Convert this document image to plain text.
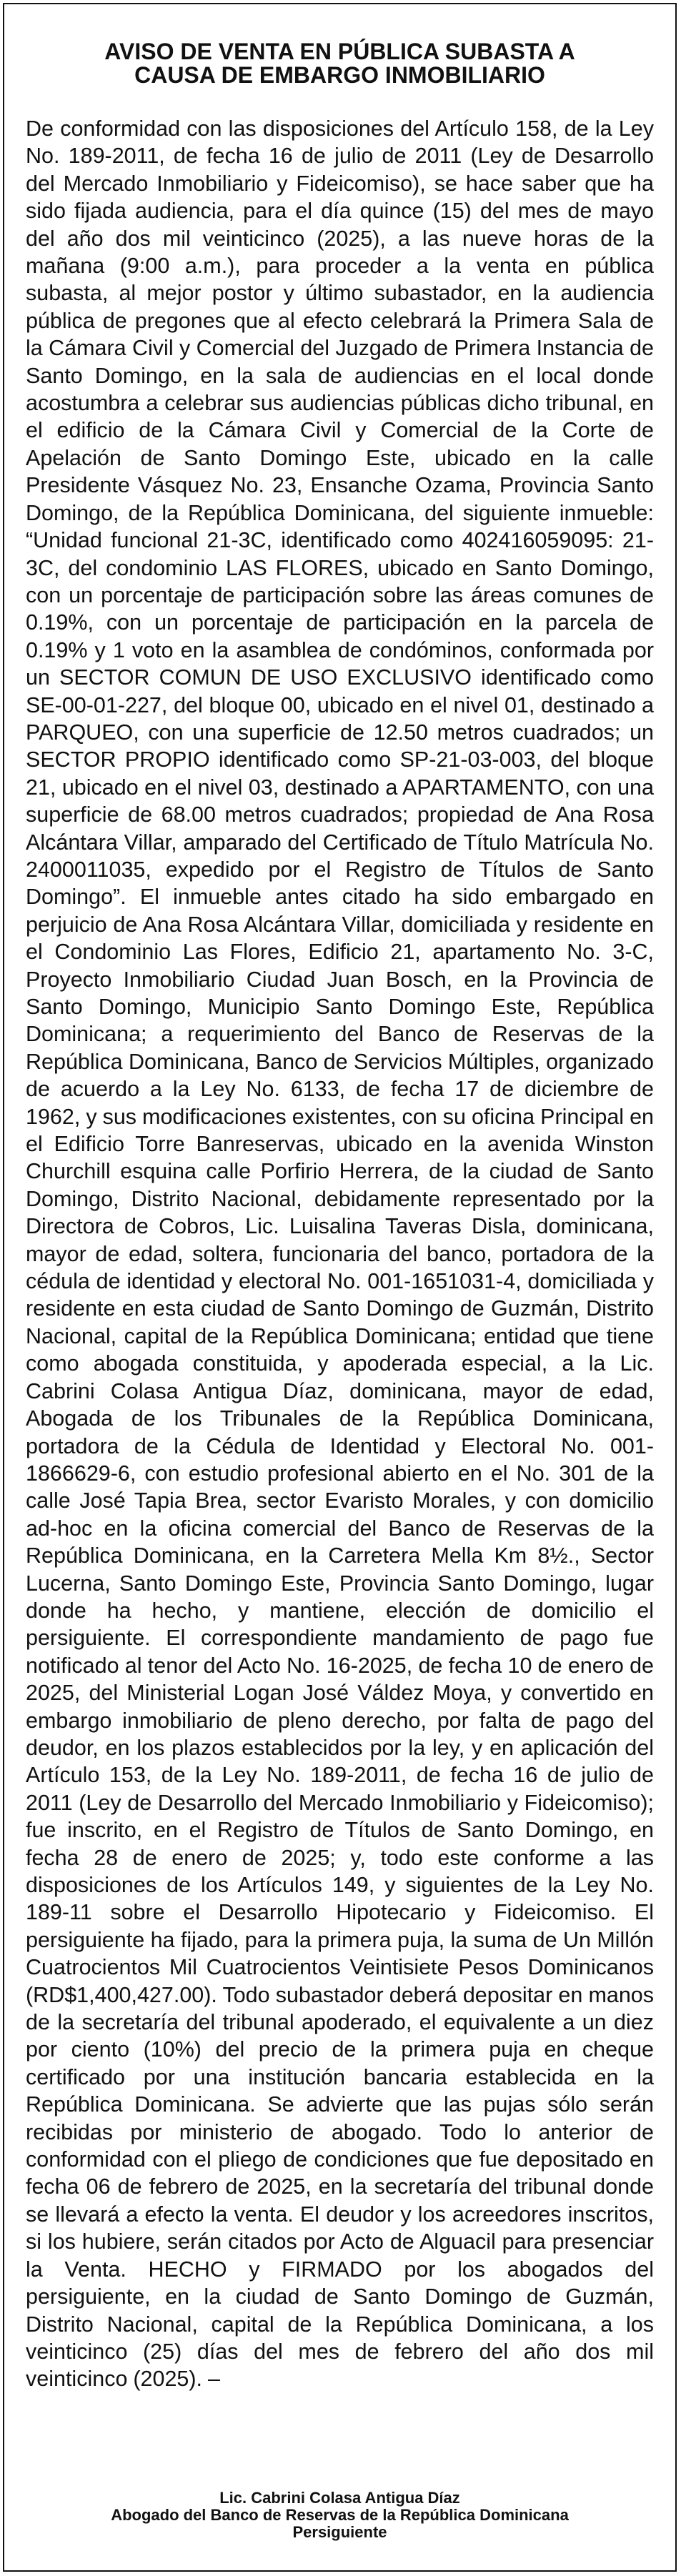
AVISO DE VENTA EN PÚBLICA SUBASTA A
CAUSA DE EMBARGO INMOBILIARIO
De conformidad con las disposiciones del Artículo 158, de la Ley No. 189-2011, de fecha 16 de julio de 2011 (Ley de Desarrollo del Mercado Inmobiliario y Fideicomiso), se hace saber que ha sido fijada audiencia, para el día quince (15) del mes de mayo del año dos mil veinticinco (2025), a las nueve horas de la mañana (9:00 a.m.), para proceder a la venta en pública subasta, al mejor postor y último subastador, en la audiencia pública de pregones que al efecto celebrará la Primera Sala de la Cámara Civil y Comercial del Juzgado de Primera Instancia de Santo Domingo, en la sala de audiencias en el local donde acostumbra a celebrar sus audiencias públicas dicho tribunal, en el edificio de la Cámara Civil y Comercial de la Corte de Apelación de Santo Domingo Este, ubicado en la calle Presidente Vásquez No. 23, Ensanche Ozama, Provincia Santo Domingo, de la República Dominicana, del siguiente inmueble: “Unidad funcional 21-3C, identificado como 402416059095: 21-3C, del condominio LAS FLORES, ubicado en Santo Domingo, con un porcentaje de participación sobre las áreas comunes de 0.19%, con un porcentaje de participación en la parcela de 0.19% y 1 voto en la asamblea de condóminos, conformada por un SECTOR COMUN DE USO EXCLUSIVO identificado como SE-00-01-227, del bloque 00, ubicado en el nivel 01, destinado a PARQUEO, con una superficie de 12.50 metros cuadrados; un SECTOR PROPIO identificado como SP-21-03-003, del bloque 21, ubicado en el nivel 03, destinado a APARTAMENTO, con una superficie de 68.00 metros cuadrados; propiedad de Ana Rosa Alcántara Villar, amparado del Certificado de Título Matrícula No. 2400011035, expedido por el Registro de Títulos de Santo Domingo”. El inmueble antes citado ha sido embargado en perjuicio de Ana Rosa Alcántara Villar, domiciliada y residente en el Condominio Las Flores, Edificio 21, apartamento No. 3-C, Proyecto Inmobiliario Ciudad Juan Bosch, en la Provincia de Santo Domingo, Municipio Santo Domingo Este, República Dominicana; a requerimiento del Banco de Reservas de la República Dominicana, Banco de Servicios Múltiples, organizado de acuerdo a la Ley No. 6133, de fecha 17 de diciembre de 1962, y sus modificaciones existentes, con su oficina Principal en el Edificio Torre Banreservas, ubicado en la avenida Winston Churchill esquina calle Porfirio Herrera, de la ciudad de Santo Domingo, Distrito Nacional, debidamente representado por la Directora de Cobros, Lic. Luisalina Taveras Disla, dominicana, mayor de edad, soltera, funcionaria del banco, portadora de la cédula de identidad y electoral No. 001-1651031-4, domiciliada y residente en esta ciudad de Santo Domingo de Guzmán, Distrito Nacional, capital de la República Dominicana; entidad que tiene como abogada constituida, y apoderada especial, a la Lic. Cabrini Colasa Antigua Díaz, dominicana, mayor de edad, Abogada de los Tribunales de la República Dominicana, portadora de la Cédula de Identidad y Electoral No. 001-1866629-6, con estudio profesional abierto en el No. 301 de la calle José Tapia Brea, sector Evaristo Morales, y con domicilio ad-hoc en la oficina comercial del Banco de Reservas de la República Dominicana, en la Carretera Mella Km 8½., Sector Lucerna, Santo Domingo Este, Provincia Santo Domingo, lugar donde ha hecho, y mantiene, elección de domicilio el persiguiente. El correspondiente mandamiento de pago fue notificado al tenor del Acto No. 16-2025, de fecha 10 de enero de 2025, del Ministerial Logan José Váldez Moya, y convertido en embargo inmobiliario de pleno derecho, por falta de pago del deudor, en los plazos establecidos por la ley, y en aplicación del Artículo 153, de la Ley No. 189-2011, de fecha 16 de julio de 2011 (Ley de Desarrollo del Mercado Inmobiliario y Fideicomiso); fue inscrito, en el Registro de Títulos de Santo Domingo, en fecha 28 de enero de 2025; y, todo este conforme a las disposiciones de los Artículos 149, y siguientes de la Ley No. 189-11 sobre el Desarrollo Hipotecario y Fideicomiso. El persiguiente ha fijado, para la primera puja, la suma de Un Millón Cuatrocientos Mil Cuatrocientos Veintisiete Pesos Dominicanos (RD$1,400,427.00). Todo subastador deberá depositar en manos de la secretaría del tribunal apoderado, el equivalente a un diez por ciento (10%) del precio de la primera puja en cheque certificado por una institución bancaria establecida en la República Dominicana. Se advierte que las pujas sólo serán recibidas por ministerio de abogado. Todo lo anterior de conformidad con el pliego de condiciones que fue depositado en fecha 06 de febrero de 2025, en la secretaría del tribunal donde se llevará a efecto la venta. El deudor y los acreedores inscritos, si los hubiere, serán citados por Acto de Alguacil para presenciar la Venta. HECHO y FIRMADO por los abogados del persiguiente, en la ciudad de Santo Domingo de Guzmán, Distrito Nacional, capital de la República Dominicana, a los veinticinco (25) días del mes de febrero del año dos mil veinticinco (2025). –
Lic. Cabrini Colasa Antigua Díaz
Abogado del Banco de Reservas de la República Dominicana
Persiguiente
